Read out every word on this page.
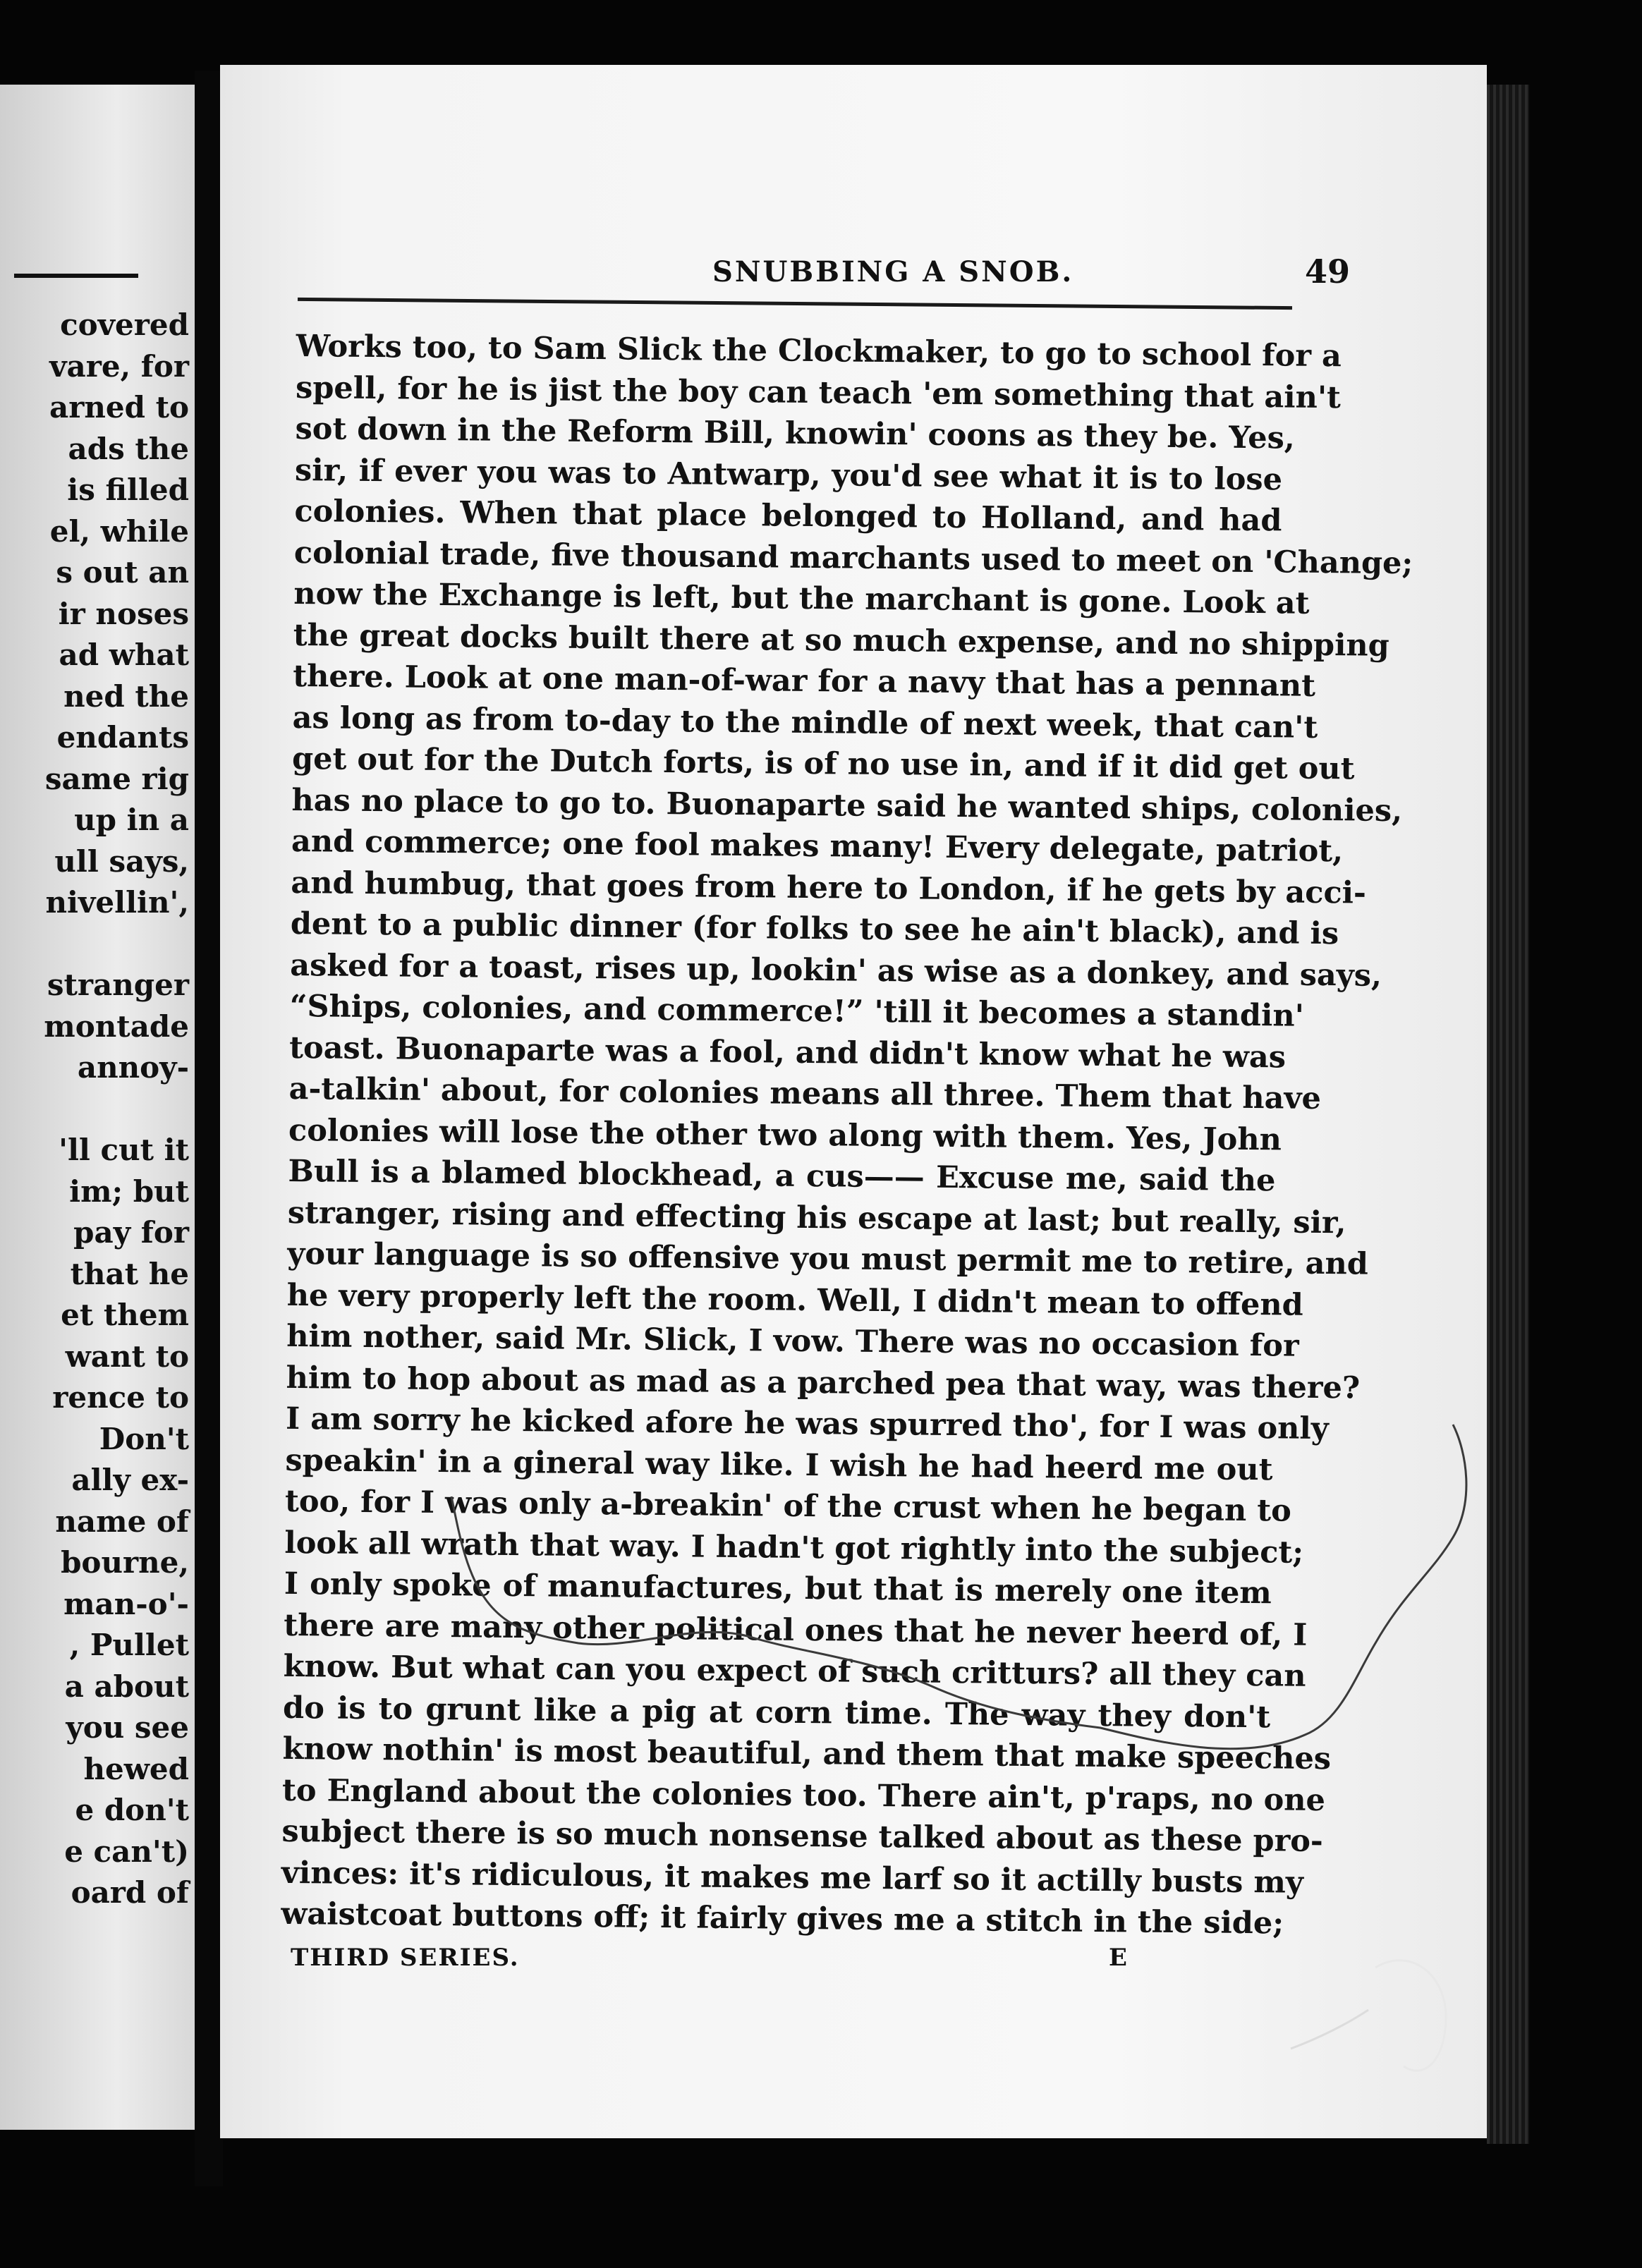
covered
vare, for
arned to
ads the
is filled
el, while
s out an
ir noses
ad what
ned the
endants
same rig
up in a
ull says,
nivellin',
stranger
montade
annoy-
'll cut it
im; but
pay for
that he
et them
want to
rence to
Don't
ally ex-
name of
bourne,
man-o'-
, Pullet
a about
you see
hewed
e don't
e can't)
oard of
SNUBBING A SNOB.	49
Works too, to Sam Slick the Clockmaker, to go to school for a
spell, for he is jist the boy can teach 'em something that ain't
sot down in the Reform Bill, knowin' coons as they be. Yes,
sir, if ever you was to Antwarp, you'd see what it is to lose
colonies. When that place belonged to Holland, and had
colonial trade, five thousand marchants used to meet on 'Change;
now the Exchange is left, but the marchant is gone. Look at
the great docks built there at so much expense, and no shipping
there. Look at one man-of-war for a navy that has a pennant
as long as from to-day to the mindle of next week, that can't
get out for the Dutch forts, is of no use in, and if it did get out
has no place to go to. Buonaparte said he wanted ships, colonies,
and commerce; one fool makes many! Every delegate, patriot,
and humbug, that goes from here to London, if he gets by acci-
dent to a public dinner (for folks to see he ain't black), and is
asked for a toast, rises up, lookin' as wise as a donkey, and says,
“Ships, colonies, and commerce!” 'till it becomes a standin'
toast. Buonaparte was a fool, and didn't know what he was
a-talkin' about, for colonies means all three. Them that have
colonies will lose the other two along with them. Yes, John
Bull is a blamed blockhead, a cus—— Excuse me, said the
stranger, rising and effecting his escape at last; but really, sir,
your language is so offensive you must permit me to retire, and
he very properly left the room. Well, I didn't mean to offend
him nother, said Mr. Slick, I vow. There was no occasion for
him to hop about as mad as a parched pea that way, was there?
I am sorry he kicked afore he was spurred tho', for I was only
speakin' in a gineral way like. I wish he had heerd me out
too, for I was only a-breakin' of the crust when he began to
look all wrath that way. I hadn't got rightly into the subject;
I only spoke of manufactures, but that is merely one item
there are many other political ones that he never heerd of, I
know. But what can you expect of such critturs? all they can
do is to grunt like a pig at corn time. The way they don't
know nothin' is most beautiful, and them that make speeches
to England about the colonies too. There ain't, p'raps, no one
subject there is so much nonsense talked about as these pro-
vinces: it's ridiculous, it makes me larf so it actilly busts my
waistcoat buttons off; it fairly gives me a stitch in the side;
THIRD SERIES.	E
